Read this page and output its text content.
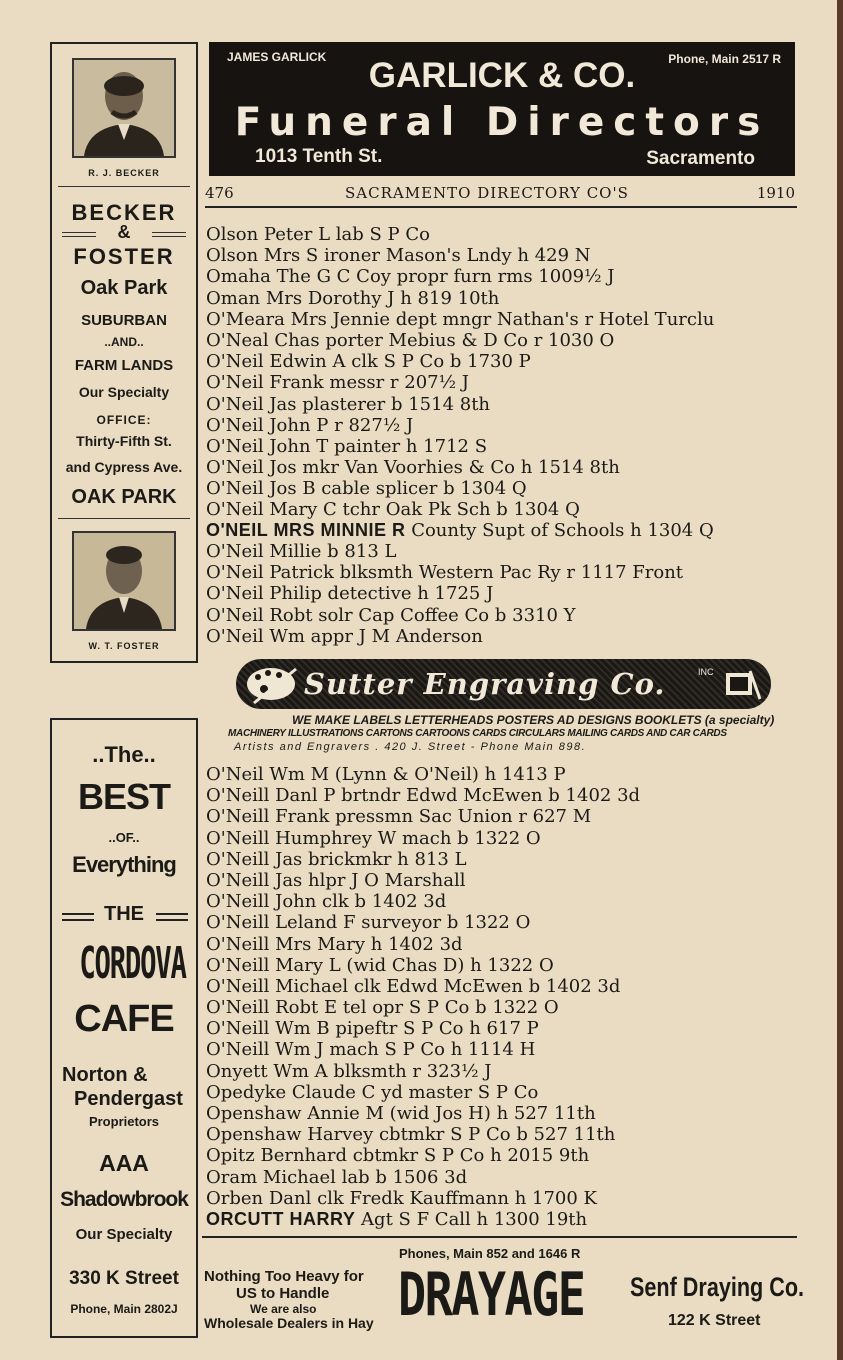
JAMES GARLICK	Phone, Main 2517 R
GARLICK & CO.
Funeral Directors
1013 Tenth St.	Sacramento
476	SACRAMENTO DIRECTORY CO'S	1910
R. J. BECKER
BECKER
&
FOSTER
Oak Park
SUBURBAN
..AND..
FARM LANDS
Our Specialty
OFFICE:
Thirty-Fifth St.
and Cypress Ave.
OAK PARK
W. T. FOSTER
..The..
BEST
..OF..
Everything
THE
CORDOVA
CAFE
Norton &
Pendergast
Proprietors
AAA
Shadowbrook
Our Specialty
330 K Street
Phone, Main 2802J
Olson Peter L lab S P Co
Olson Mrs S ironer Mason's Lndy h 429 N
Omaha The G C Coy propr furn rms 1009½ J
Oman Mrs Dorothy J h 819 10th
O'Meara Mrs Jennie dept mngr Nathan's r Hotel Turclu
O'Neal Chas porter Mebius & D Co r 1030 O
O'Neil Edwin A clk S P Co b 1730 P
O'Neil Frank messr r 207½ J
O'Neil Jas plasterer b 1514 8th
O'Neil John P r 827½ J
O'Neil John T painter h 1712 S
O'Neil Jos mkr Van Voorhies & Co h 1514 8th
O'Neil Jos B cable splicer b 1304 Q
O'Neil Mary C tchr Oak Pk Sch b 1304 Q
O'NEIL MRS MINNIE R County Supt of Schools h 1304 Q
O'Neil Millie b 813 L
O'Neil Patrick blksmth Western Pac Ry r 1117 Front
O'Neil Philip detective h 1725 J
O'Neil Robt solr Cap Coffee Co b 3310 Y
O'Neil Wm appr J M Anderson
Sutter Engraving Co.	INC
WE MAKE LABELS LETTERHEADS POSTERS AD DESIGNS BOOKLETS (a specialty)
MACHINERY ILLUSTRATIONS CARTONS CARTOONS CARDS CIRCULARS MAILING CARDS AND CAR CARDS
Artists and Engravers . 420 J. Street - Phone Main 898.
O'Neil Wm M (Lynn & O'Neil) h 1413 P
O'Neill Danl P brtndr Edwd McEwen b 1402 3d
O'Neill Frank pressmn Sac Union r 627 M
O'Neill Humphrey W mach b 1322 O
O'Neill Jas brickmkr h 813 L
O'Neill Jas hlpr J O Marshall
O'Neill John clk b 1402 3d
O'Neill Leland F surveyor b 1322 O
O'Neill Mrs Mary h 1402 3d
O'Neill Mary L (wid Chas D) h 1322 O
O'Neill Michael clk Edwd McEwen b 1402 3d
O'Neill Robt E tel opr S P Co b 1322 O
O'Neill Wm B pipeftr S P Co h 617 P
O'Neill Wm J mach S P Co h 1114 H
Onyett Wm A blksmth r 323½ J
Opedyke Claude C yd master S P Co
Openshaw Annie M (wid Jos H) h 527 11th
Openshaw Harvey cbtmkr S P Co b 527 11th
Opitz Bernhard cbtmkr S P Co h 2015 9th
Oram Michael lab b 1506 3d
Orben Danl clk Fredk Kauffmann h 1700 K
ORCUTT HARRY Agt S F Call h 1300 19th
Phones, Main 852 and 1646 R
Nothing Too Heavy for
US to Handle
We are also
Wholesale Dealers in Hay DRAYAGE Senf Draying Co.
122 K Street
